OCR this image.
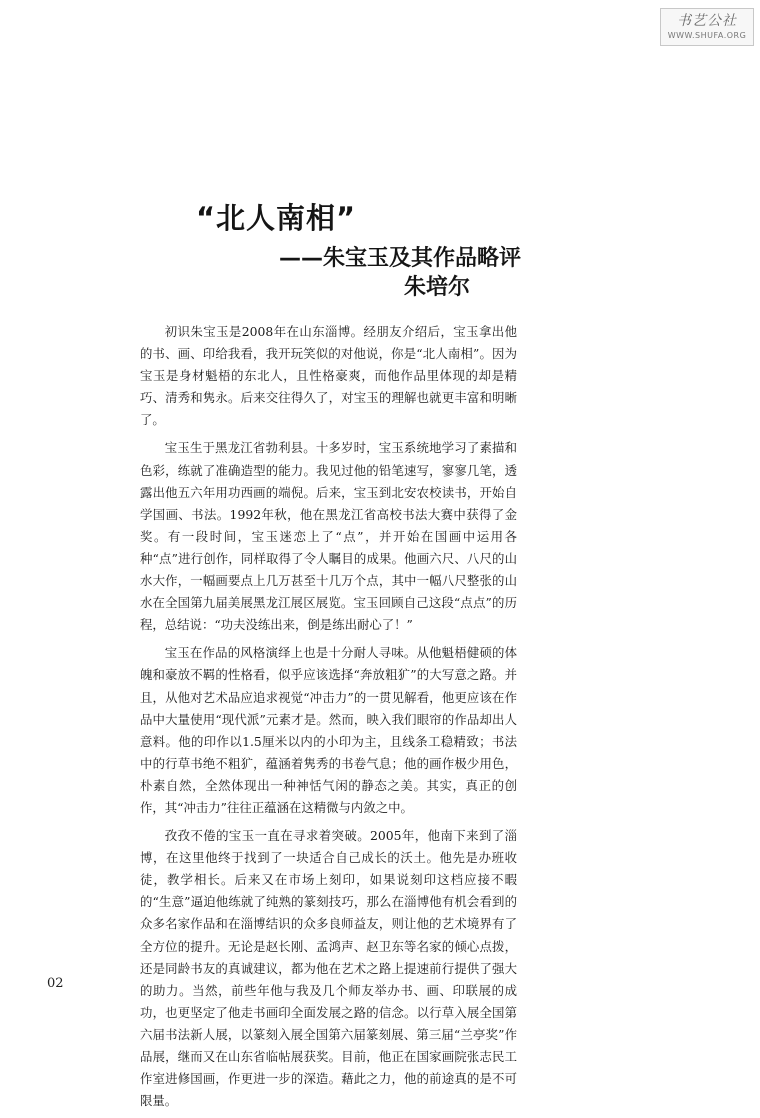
书艺公社
WWW.SHUFA.ORG
“北人南相”
——朱宝玉及其作品略评
朱培尔

初识朱宝玉是2008年在山东淄博。经朋友介绍后，宝玉拿出他的书、画、印给我看，我开玩笑似的对他说，你是“北人南相”。因为宝玉是身材魁梧的东北人，且性格豪爽，而他作品里体现的却是精巧、清秀和隽永。后来交往得久了，对宝玉的理解也就更丰富和明晰了。

宝玉生于黑龙江省勃利县。十多岁时，宝玉系统地学习了素描和色彩，练就了准确造型的能力。我见过他的铅笔速写，寥寥几笔，透露出他五六年用功西画的端倪。后来，宝玉到北安农校读书，开始自学国画、书法。1992年秋，他在黑龙江省高校书法大赛中获得了金奖。有一段时间，宝玉迷恋上了“点”，并开始在国画中运用各种“点”进行创作，同样取得了令人瞩目的成果。他画六尺、八尺的山水大作，一幅画要点上几万甚至十几万个点，其中一幅八尺整张的山水在全国第九届美展黑龙江展区展览。宝玉回顾自己这段“点点”的历程，总结说：“功夫没练出来，倒是练出耐心了！”

宝玉在作品的风格演绎上也是十分耐人寻味。从他魁梧健硕的体魄和豪放不羁的性格看，似乎应该选择“奔放粗犷”的大写意之路。并且，从他对艺术品应追求视觉“冲击力”的一贯见解看，他更应该在作品中大量使用“现代派”元素才是。然而，映入我们眼帘的作品却出人意料。他的印作以1.5厘米以内的小印为主，且线条工稳精致；书法中的行草书绝不粗犷，蕴涵着隽秀的书卷气息；他的画作极少用色，朴素自然，全然体现出一种神恬气闲的静态之美。其实，真正的创作，其“冲击力”往往正蕴涵在这精微与内敛之中。

孜孜不倦的宝玉一直在寻求着突破。2005年，他南下来到了淄博，在这里他终于找到了一块适合自己成长的沃土。他先是办班收徒，教学相长。后来又在市场上刻印，如果说刻印这档应接不暇的“生意”逼迫他练就了纯熟的篆刻技巧，那么在淄博他有机会看到的众多名家作品和在淄博结识的众多良师益友，则让他的艺术境界有了全方位的提升。无论是赵长刚、孟鸿声、赵卫东等名家的倾心点拨，还是同龄书友的真诚建议，都为他在艺术之路上提速前行提供了强大的助力。当然，前些年他与我及几个师友举办书、画、印联展的成功，也更坚定了他走书画印全面发展之路的信念。以行草入展全国第六届书法新人展，以篆刻入展全国第六届篆刻展、第三届“兰亭奖”作品展，继而又在山东省临帖展获奖。目前，他正在国家画院张志民工作室进修国画，作更进一步的深造。藉此之力，他的前途真的是不可限量。

02
